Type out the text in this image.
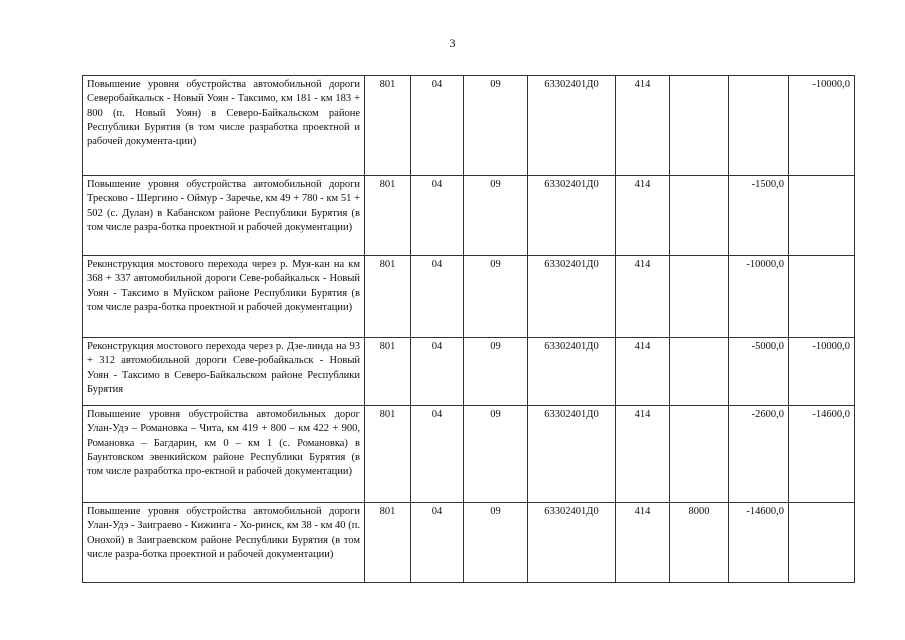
3
Повышение уровня обустройства автомобильной дороги Северобайкальск - Новый Уоян - Таксимо, км 181 - км 183 + 800 (п. Новый Уоян) в Северо-Байкальском районе Республики Бурятия (в том числе разработка проектной и рабочей документа-ции)	801	04	09	63302401Д0	414			-10000,0
Повышение уровня обустройства автомобильной дороги Тресково - Шергино - Оймур - Заречье, км 49 + 780 - км 51 + 502 (с. Дулан) в Кабанском районе Республики Бурятия (в том числе разра-ботка проектной и рабочей документации)	801	04	09	63302401Д0	414		-1500,0	
Реконструкция мостового перехода через р. Муя-кан на км 368 + 337 автомобильной дороги Севе-робайкальск - Новый Уоян - Таксимо в Муйском районе Республики Бурятия (в том числе разра-ботка проектной и рабочей документации)	801	04	09	63302401Д0	414		-10000,0	
Реконструкция мостового перехода через р. Дзе-линда на 93 + 312 автомобильной дороги Севе-робайкальск - Новый Уоян - Таксимо в Северо-Байкальском районе Республики Бурятия	801	04	09	63302401Д0	414		-5000,0	-10000,0
Повышение уровня обустройства автомобильных дорог Улан-Удэ – Романовка – Чита, км 419 + 800 – км 422 + 900, Романовка – Багдарин, км 0 – км 1 (с. Романовка) в Баунтовском эвенкийском районе Республики Бурятия (в том числе разработка про-ектной и рабочей документации)	801	04	09	63302401Д0	414		-2600,0	-14600,0
Повышение уровня обустройства автомобильной дороги Улан-Удэ - Заиграево - Кижинга - Хо-ринск, км 38 - км 40 (п. Онохой) в Заиграевском районе Республики Бурятия (в том числе разра-ботка проектной и рабочей документации)	801	04	09	63302401Д0	414	8000	-14600,0	
